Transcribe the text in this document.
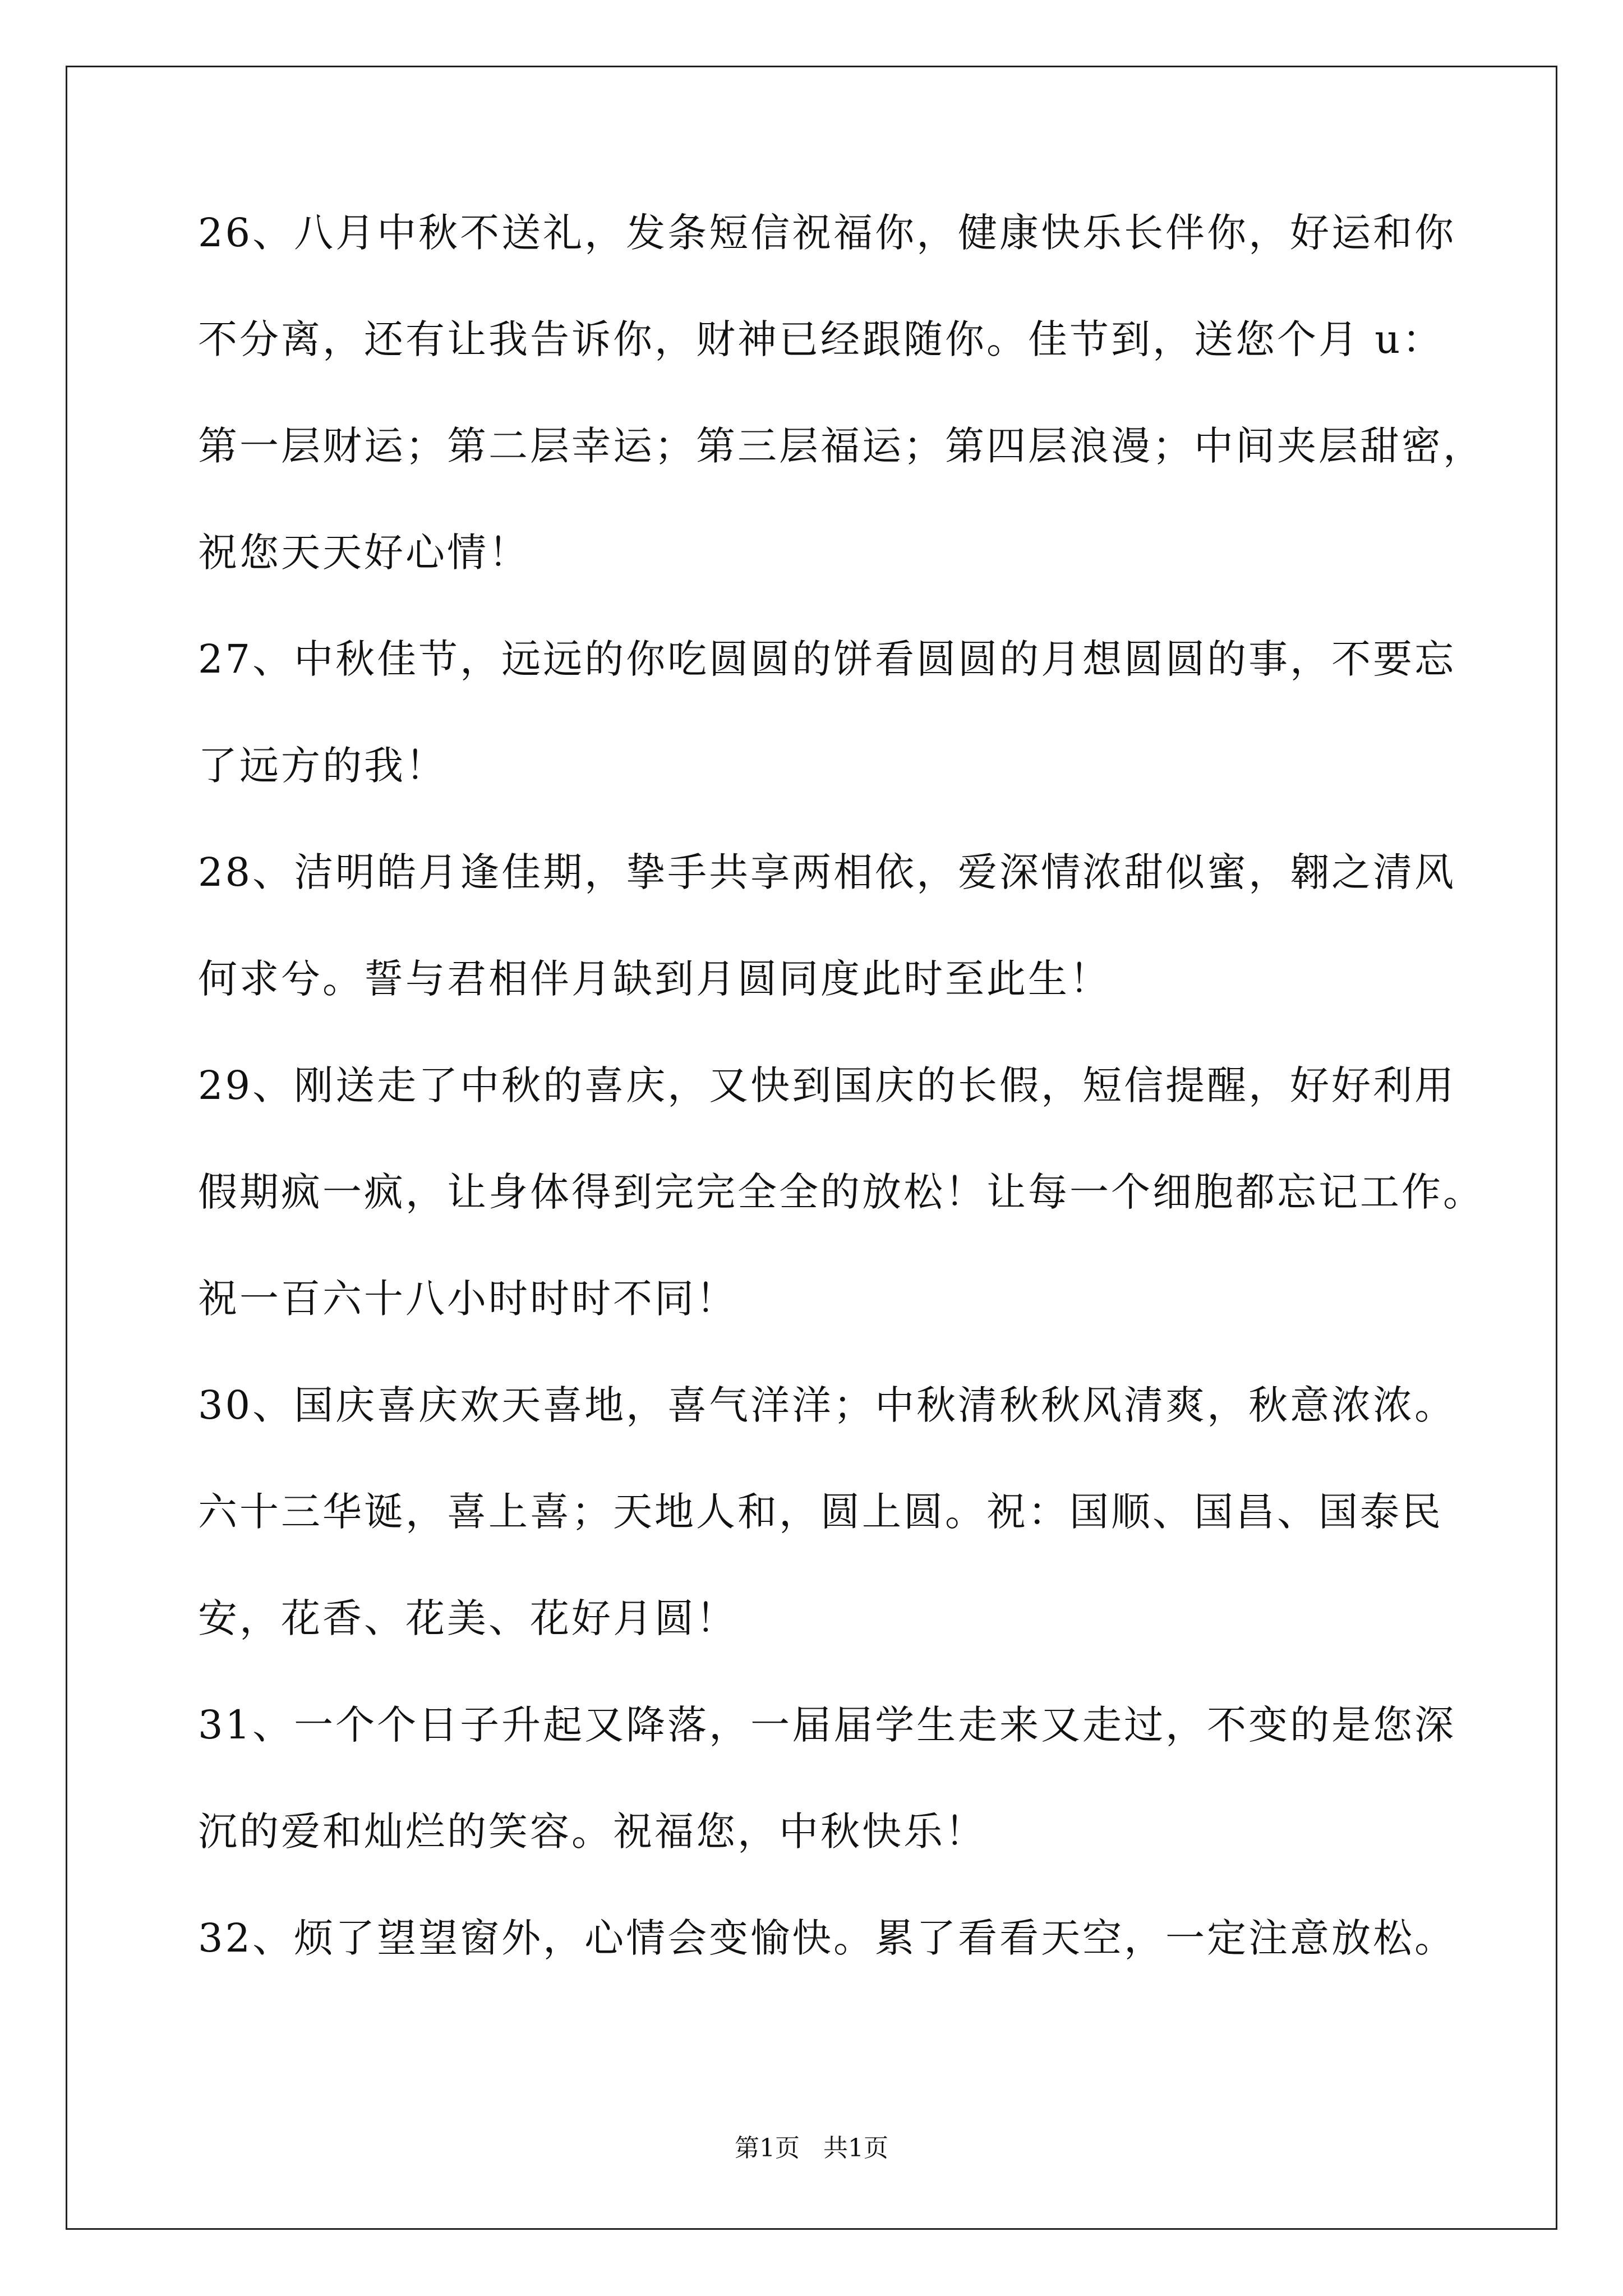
26、八月中秋不送礼，发条短信祝福你，健康快乐长伴你，好运和你
不分离，还有让我告诉你，财神已经跟随你。佳节到，送您个月 u：
第一层财运；第二层幸运；第三层福运；第四层浪漫；中间夹层甜密，
祝您天天好心情！
27、中秋佳节，远远的你吃圆圆的饼看圆圆的月想圆圆的事，不要忘
了远方的我！
28、洁明皓月逢佳期，挚手共享两相依，爱深情浓甜似蜜，翱之清风
何求兮。誓与君相伴月缺到月圆同度此时至此生！
29、刚送走了中秋的喜庆，又快到国庆的长假，短信提醒，好好利用
假期疯一疯，让身体得到完完全全的放松！让每一个细胞都忘记工作。
祝一百六十八小时时时不同！
30、国庆喜庆欢天喜地，喜气洋洋；中秋清秋秋风清爽，秋意浓浓。
六十三华诞，喜上喜；天地人和，圆上圆。祝：国顺、国昌、国泰民
安，花香、花美、花好月圆！
31、一个个日子升起又降落，一届届学生走来又走过，不变的是您深
沉的爱和灿烂的笑容。祝福您，中秋快乐！
32、烦了望望窗外，心情会变愉快。累了看看天空，一定注意放松。
第1页   共1页
